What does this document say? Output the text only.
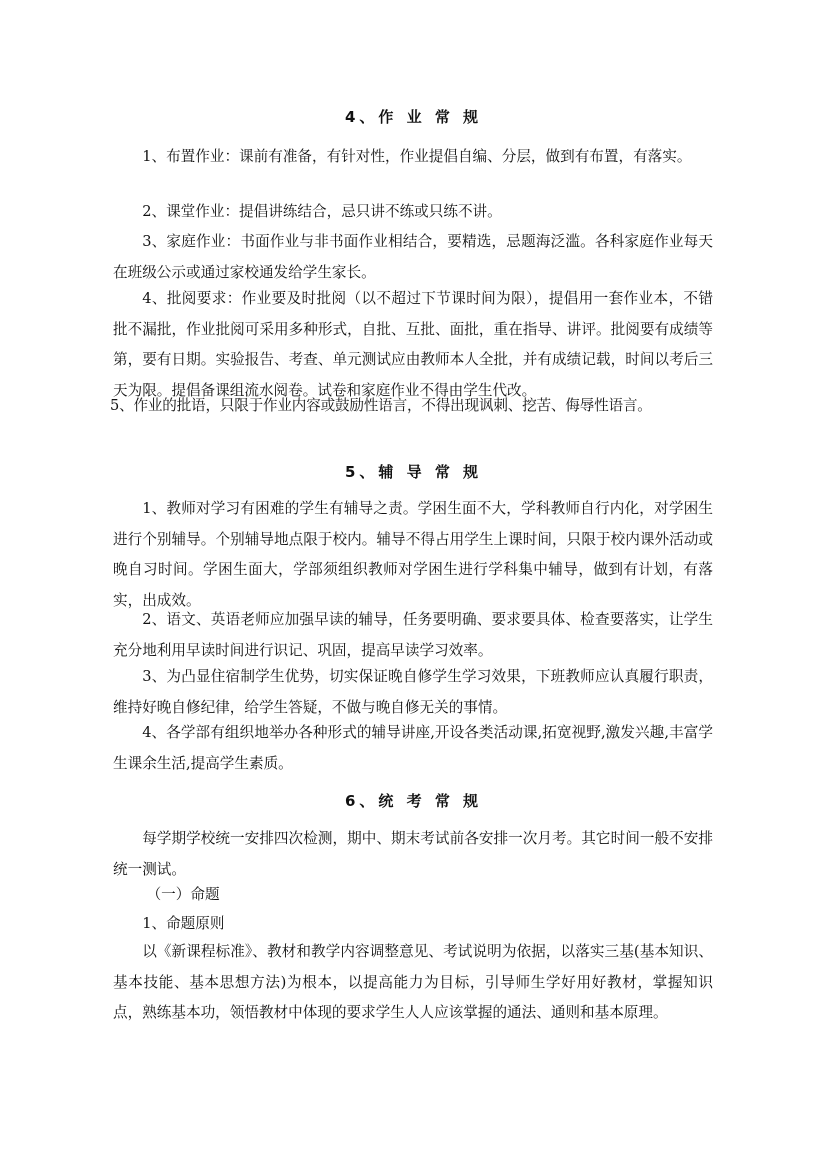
4、作 业 常 规

1、布置作业：课前有准备，有针对性，作业提倡自编、分层，做到有布置，有落实。

2、课堂作业：提倡讲练结合，忌只讲不练或只练不讲。

3、家庭作业：书面作业与非书面作业相结合，要精选，忌题海泛滥。各科家庭作业每天在班级公示或通过家校通发给学生家长。

4、批阅要求：作业要及时批阅（以不超过下节课时间为限），提倡用一套作业本，不错批不漏批，作业批阅可采用多种形式，自批、互批、面批，重在指导、讲评。批阅要有成绩等第，要有日期。实验报告、考查、单元测试应由教师本人全批，并有成绩记载，时间以考后三天为限。提倡备课组流水阅卷。试卷和家庭作业不得由学生代改。

5、作业的批语，只限于作业内容或鼓励性语言，不得出现讽刺、挖苦、侮辱性语言。

5、辅 导 常 规

1、教师对学习有困难的学生有辅导之责。学困生面不大，学科教师自行内化，对学困生进行个别辅导。个别辅导地点限于校内。辅导不得占用学生上课时间，只限于校内课外活动或晚自习时间。学困生面大，学部须组织教师对学困生进行学科集中辅导，做到有计划，有落实，出成效。

2、语文、英语老师应加强早读的辅导，任务要明确、要求要具体、检查要落实，让学生充分地利用早读时间进行识记、巩固，提高早读学习效率。

3、为凸显住宿制学生优势，切实保证晚自修学生学习效果，下班教师应认真履行职责，维持好晚自修纪律，给学生答疑，不做与晚自修无关的事情。

4、各学部有组织地举办各种形式的辅导讲座,开设各类活动课,拓宽视野,激发兴趣,丰富学生课余生活,提高学生素质。

6、统 考 常 规

每学期学校统一安排四次检测，期中、期末考试前各安排一次月考。其它时间一般不安排统一测试。

（一）命题

1、命题原则

以《新课程标准》、教材和教学内容调整意见、考试说明为依据，以落实三基(基本知识、基本技能、基本思想方法)为根本，以提高能力为目标，引导师生学好用好教材，掌握知识点，熟练基本功，领悟教材中体现的要求学生人人应该掌握的通法、通则和基本原理。
